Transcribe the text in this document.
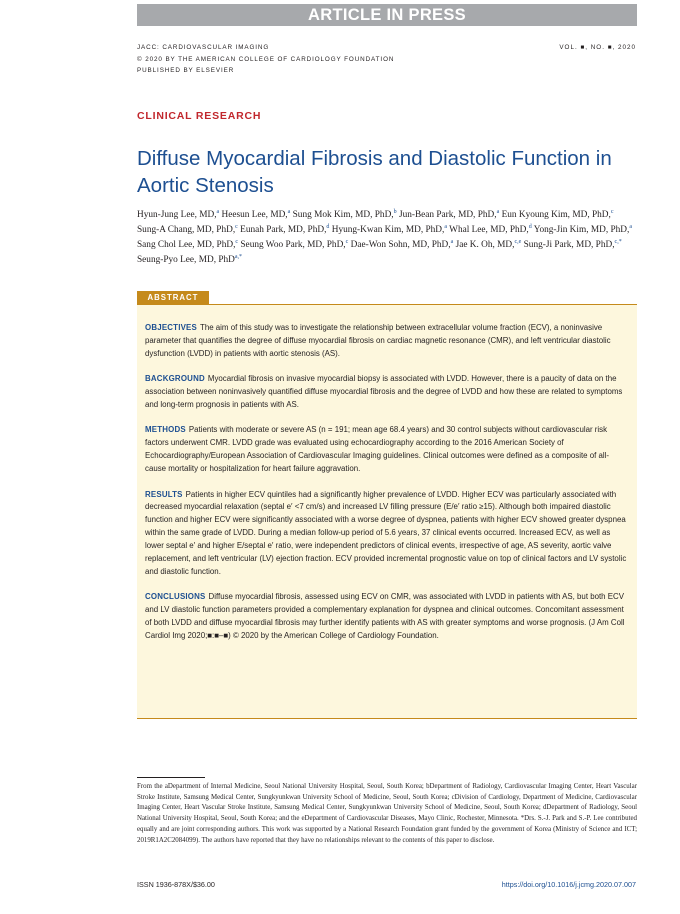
ARTICLE IN PRESS
JACC: CARDIOVASCULAR IMAGING
© 2020 BY THE AMERICAN COLLEGE OF CARDIOLOGY FOUNDATION
PUBLISHED BY ELSEVIER
VOL. ■, NO. ■, 2020
CLINICAL RESEARCH
Diffuse Myocardial Fibrosis and Diastolic Function in Aortic Stenosis
Hyun-Jung Lee, MD,$^a$ Heesun Lee, MD,$^a$ Sung Mok Kim, MD, PhD,$^b$ Jun-Bean Park, MD, PhD,$^a$ Eun Kyoung Kim, MD, PhD,$^c$ Sung-A Chang, MD, PhD,$^c$ Eunah Park, MD, PhD,$^d$ Hyung-Kwan Kim, MD, PhD,$^a$ Whal Lee, MD, PhD,$^d$ Yong-Jin Kim, MD, PhD,$^a$ Sang Chol Lee, MD, PhD,$^c$ Seung Woo Park, MD, PhD,$^c$ Dae-Won Sohn, MD, PhD,$^a$ Jae K. Oh, MD,$^{c,e}$ Sung-Ji Park, MD, PhD,$^{c,*}$ Seung-Pyo Lee, MD, PhD$^{a,*}$
ABSTRACT

OBJECTIVES The aim of this study was to investigate the relationship between extracellular volume fraction (ECV), a noninvasive parameter that quantifies the degree of diffuse myocardial fibrosis on cardiac magnetic resonance (CMR), and left ventricular diastolic dysfunction (LVDD) in patients with aortic stenosis (AS).

BACKGROUND Myocardial fibrosis on invasive myocardial biopsy is associated with LVDD. However, there is a paucity of data on the association between noninvasively quantified diffuse myocardial fibrosis and the degree of LVDD and how these are related to symptoms and long-term prognosis in patients with AS.

METHODS Patients with moderate or severe AS (n = 191; mean age 68.4 years) and 30 control subjects without cardiovascular risk factors underwent CMR. LVDD grade was evaluated using echocardiography according to the 2016 American Society of Echocardiography/European Association of Cardiovascular Imaging guidelines. Clinical outcomes were defined as a composite of all-cause mortality or hospitalization for heart failure aggravation.

RESULTS Patients in higher ECV quintiles had a significantly higher prevalence of LVDD. Higher ECV was particularly associated with decreased myocardial relaxation (septal e′ <7 cm/s) and increased LV filling pressure (E/e′ ratio ≥15). Although both impaired diastolic function and higher ECV were significantly associated with a worse degree of dyspnea, patients with higher ECV showed greater dyspnea within the same grade of LVDD. During a median follow-up period of 5.6 years, 37 clinical events occurred. Increased ECV, as well as lower septal e′ and higher E/septal e′ ratio, were independent predictors of clinical events, irrespective of age, AS severity, aortic valve replacement, and left ventricular (LV) ejection fraction. ECV provided incremental prognostic value on top of clinical factors and LV systolic and diastolic function.

CONCLUSIONS Diffuse myocardial fibrosis, assessed using ECV on CMR, was associated with LVDD in patients with AS, but both ECV and LV diastolic function parameters provided a complementary explanation for dyspnea and clinical outcomes. Concomitant assessment of both LVDD and diffuse myocardial fibrosis may further identify patients with AS with greater symptoms and worse prognosis. (J Am Coll Cardiol Img 2020;■:■–■) © 2020 by the American College of Cardiology Foundation.

From the aDepartment of Internal Medicine, Seoul National University Hospital, Seoul, South Korea; bDepartment of Radiology, Cardiovascular Imaging Center, Heart Vascular Stroke Institute, Samsung Medical Center, Sungkyunkwan University School of Medicine, Seoul, South Korea; cDivision of Cardiology, Department of Medicine, Cardiovascular Imaging Center, Heart Vascular Stroke Institute, Samsung Medical Center, Sungkyunkwan University School of Medicine, Seoul, South Korea; dDepartment of Radiology, Seoul National University Hospital, Seoul, South Korea; and the eDepartment of Cardiovascular Diseases, Mayo Clinic, Rochester, Minnesota. *Drs. S.-J. Park and S.-P. Lee contributed equally and are joint corresponding authors. This work was supported by a National Research Foundation grant funded by the government of Korea (Ministry of Science and ICT; 2019R1A2C2084099). The authors have reported that they have no relationships relevant to the contents of this paper to disclose.
ISSN 1936-878X/$36.00	https://doi.org/10.1016/j.jcmg.2020.07.007
